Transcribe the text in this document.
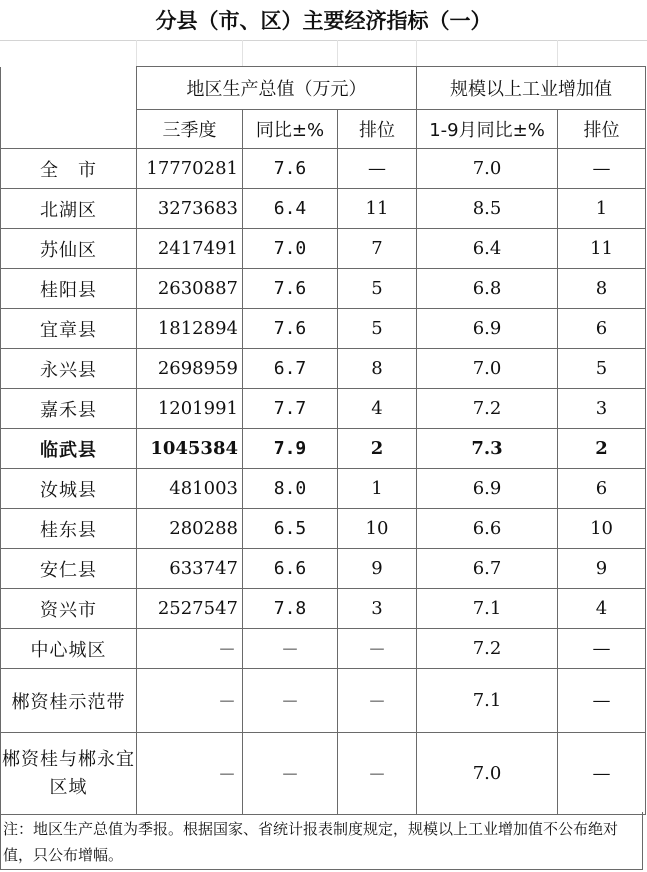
分县（市、区）主要经济指标（一）
	地区生产总值（万元）			规模以上工业增加值	
	三季度	同比±%	排位	1-9月同比±%	排位
全　市	17770281	7.6	—	7.0	—
北湖区	3273683	6.4	11	8.5	1
苏仙区	2417491	7.0	7	6.4	11
桂阳县	2630887	7.6	5	6.8	8
宜章县	1812894	7.6	5	6.9	6
永兴县	2698959	6.7	8	7.0	5
嘉禾县	1201991	7.7	4	7.2	3
临武县	1045384	7.9	2	7.3	2
汝城县	481003	8.0	1	6.9	6
桂东县	280288	6.5	10	6.6	10
安仁县	633747	6.6	9	6.7	9
资兴市	2527547	7.8	3	7.1	4
中心城区	－	－	－	7.2	—
郴资桂示范带	－	－	－	7.1	—
郴资桂与郴永宜区域	－	－	－	7.0	—
注：地区生产总值为季报。根据国家、省统计报表制度规定，规模以上工业增加值不公布绝对值，只公布增幅。
